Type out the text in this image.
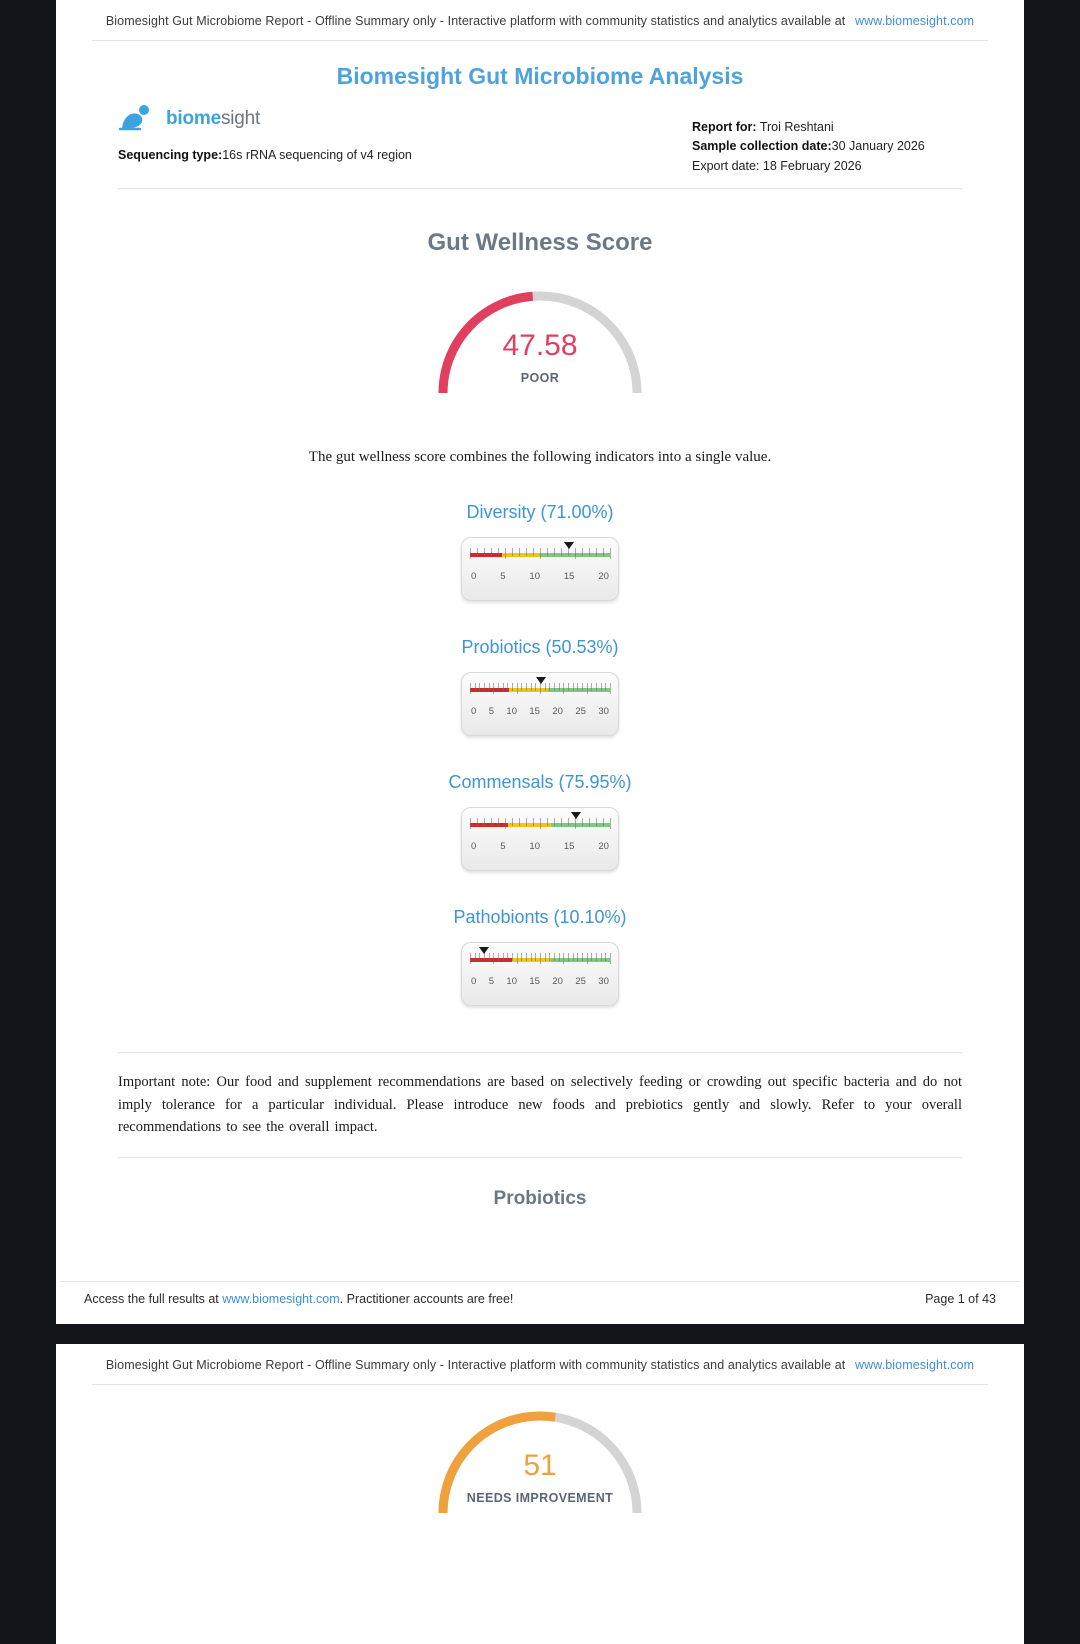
Biomesight Gut Microbiome Report - Offline Summary only - Interactive platform with community statistics and analytics available at www.biomesight.com
Biomesight Gut Microbiome Analysis
biomesight
Sequencing type:16s rRNA sequencing of v4 region
Report for: Troi Reshtani
Sample collection date:30 January 2026
Export date: 18 February 2026
Gut Wellness Score
47.58
POOR
The gut wellness score combines the following indicators into a single value.
Diversity (71.00%)
0	5	10	15	20
Probiotics (50.53%)
0 5 10 15 20 25 30
Commensals (75.95%)
0	5	10	15	20
Pathobionts (10.10%)
0 5 10 15 20 25 30
Important note: Our food and supplement recommendations are based on selectively feeding or crowding out specific bacteria and do not imply tolerance for a particular individual. Please introduce new foods and prebiotics gently and slowly. Refer to your overall recommendations to see the overall impact.
Probiotics
Access the full results at www.biomesight.com. Practitioner accounts are free!	Page 1 of 43
Biomesight Gut Microbiome Report - Offline Summary only - Interactive platform with community statistics and analytics available at www.biomesight.com
51
NEEDS IMPROVEMENT
